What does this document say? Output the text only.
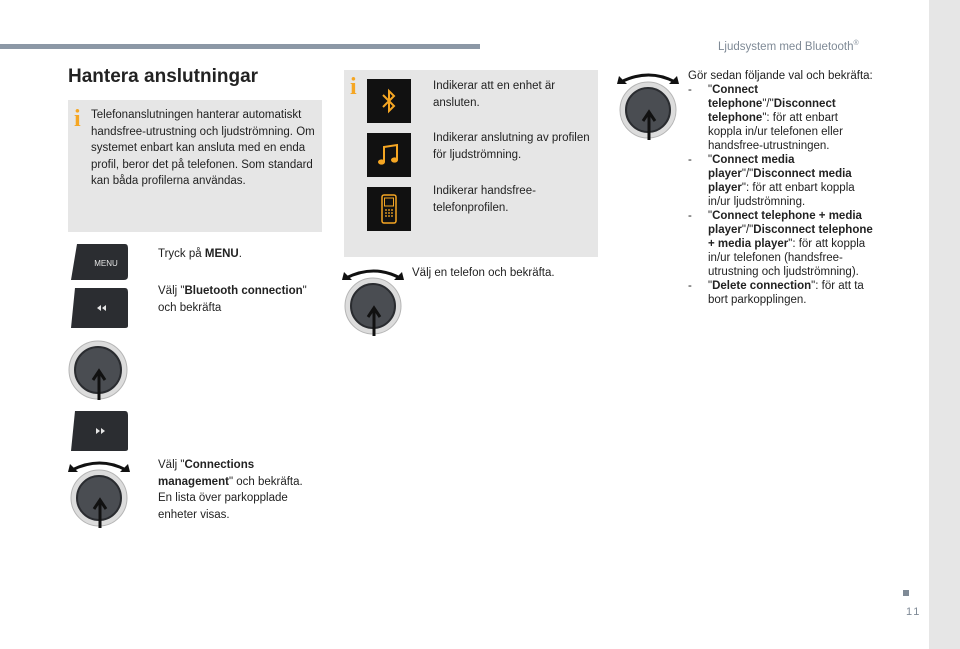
Ljudsystem med Bluetooth®
11
Hantera anslutningar
i Telefonanslutningen hanterar automatiskt handsfree-utrustning och ljudströmning. Om systemet enbart kan ansluta med en enda profil, beror det på telefonen. Som standard kan båda profilerna användas.
MENU
Tryck på MENU.
Välj "Bluetooth connection" och bekräfta
Välj "Connections management" och bekräfta. En lista över parkopplade enheter visas.
i	Indikerar att en enhet är ansluten.
Indikerar anslutning av profilen för ljudströmning.
Indikerar handsfree-telefonprofilen.
Välj en telefon och bekräfta.
Gör sedan följande val och bekräfta:
-	"Connect telephone"/"Disconnect telephone": för att enbart koppla in/ur telefonen eller handsfree-utrustningen.
-	"Connect media player"/"Disconnect media player": för att enbart koppla in/ur ljudströmning.
-	"Connect telephone + media player"/"Disconnect telephone + media player": för att koppla in/ur telefonen (handsfree-utrustning och ljudströmning).
-	"Delete connection": för att ta bort parkopplingen.
